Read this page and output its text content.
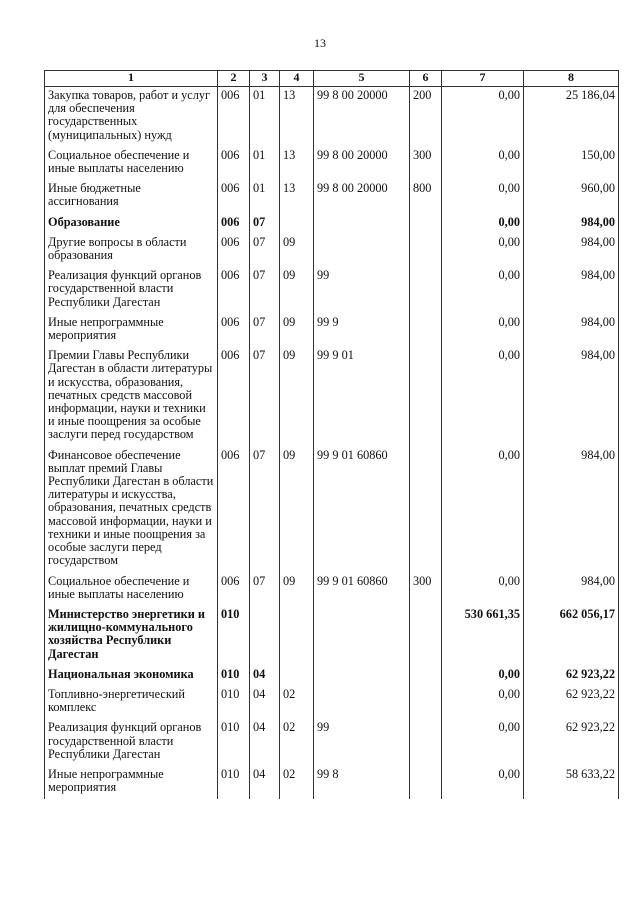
13
1	2	3	4	5	6	7	8
Закупка товаров, работ и услуг для обеспечения государственных (муниципальных) нужд	006	01	13	99 8 00 20000	200	0,00	25 186,04
Социальное обеспечение и иные выплаты населению	006	01	13	99 8 00 20000	300	0,00	150,00
Иные бюджетные ассигнования	006	01	13	99 8 00 20000	800	0,00	960,00
Образование	006	07				0,00	984,00
Другие вопросы в области образования	006	07	09			0,00	984,00
Реализация функций органов государственной власти Республики Дагестан	006	07	09	99		0,00	984,00
Иные непрограммные мероприятия	006	07	09	99 9		0,00	984,00
Премии Главы Республики Дагестан в области литературы и искусства, образования, печатных средств массовой информации, науки и техники и иные поощрения за особые заслуги перед государством	006	07	09	99 9 01		0,00	984,00
Финансовое обеспечение выплат премий Главы Республики Дагестан в области литературы и искусства, образования, печатных средств массовой информации, науки и техники и иные поощрения за особые заслуги перед государством	006	07	09	99 9 01 60860		0,00	984,00
Социальное обеспечение и иные выплаты населению	006	07	09	99 9 01 60860	300	0,00	984,00
Министерство энергетики и жилищно-коммунального хозяйства Республики Дагестан	010					530 661,35	662 056,17
Национальная экономика	010	04				0,00	62 923,22
Топливно-энергетический комплекс	010	04	02			0,00	62 923,22
Реализация функций органов государственной власти Республики Дагестан	010	04	02	99		0,00	62 923,22
Иные непрограммные мероприятия	010	04	02	99 8		0,00	58 633,22
